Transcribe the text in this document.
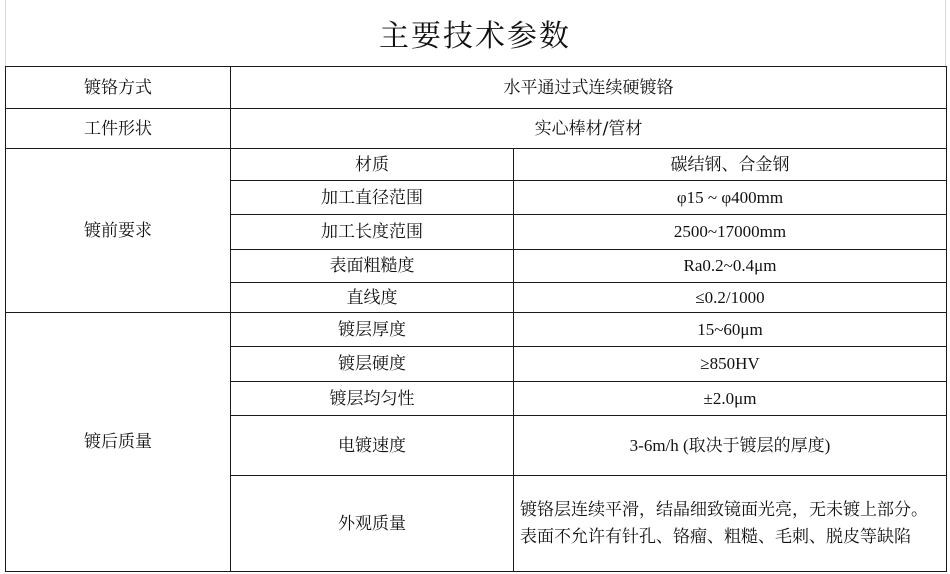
主要技术参数
镀铬方式	水平通过式连续硬镀铬	
工件形状	实心棒材/管材	
镀前要求	材质	碳结钢、合金钢
	加工直径范围	φ15 ~ φ400mm
	加工长度范围	2500~17000mm
	表面粗糙度	Ra0.2~0.4μm
	直线度	≤0.2/1000
镀后质量	镀层厚度	15~60μm
	镀层硬度	≥850HV
	镀层均匀性	±2.0μm
	电镀速度	3-6m/h (取决于镀层的厚度)
	外观质量	镀铬层连续平滑，结晶细致镜面光亮，无未镀上部分。表面不允许有针孔、铬瘤、粗糙、毛刺、脱皮等缺陷
